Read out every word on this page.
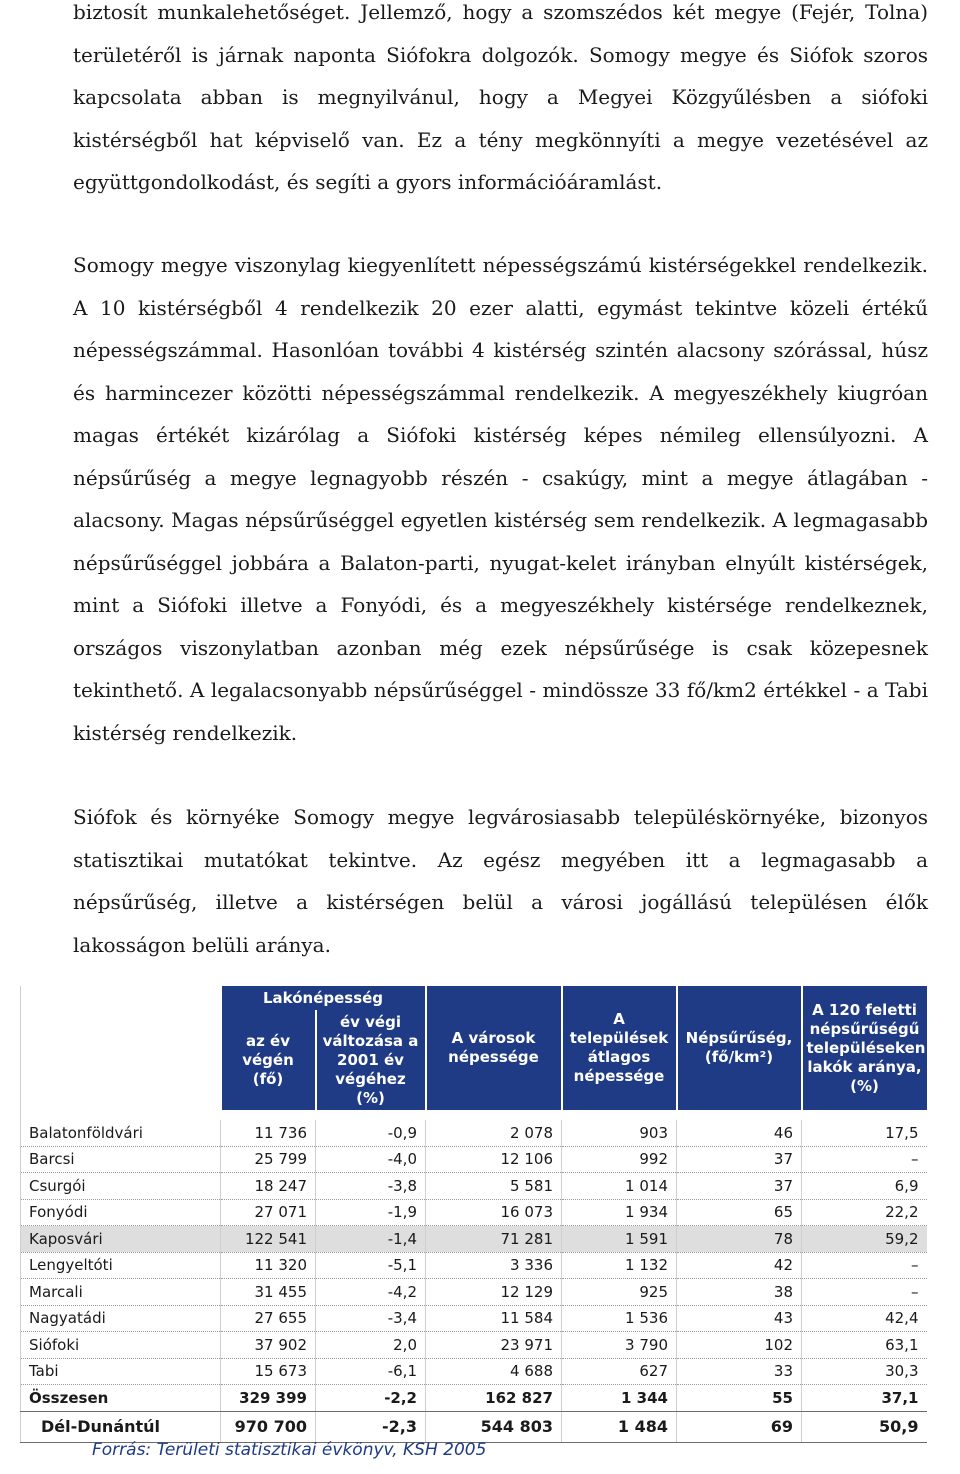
biztosít munkalehetőséget. Jellemző, hogy a szomszédos két megye (Fejér, Tolna) területéről is járnak naponta Siófokra dolgozók. Somogy megye és Siófok szoros kapcsolata abban is megnyilvánul, hogy a Megyei Közgyűlésben a siófoki kistérségből hat képviselő van. Ez a tény megkönnyíti a megye vezetésével az együttgondolkodást, és segíti a gyors információáramlást.

Somogy megye viszonylag kiegyenlített népességszámú kistérségekkel rendelkezik. A 10 kistérségből 4 rendelkezik 20 ezer alatti, egymást tekintve közeli értékű népességszámmal. Hasonlóan további 4 kistérség szintén alacsony szórással, húsz és harmincezer közötti népességszámmal rendelkezik. A megyeszékhely kiugróan magas értékét kizárólag a Siófoki kistérség képes némileg ellensúlyozni. A népsűrűség a megye legnagyobb részén - csakúgy, mint a megye átlagában - alacsony. Magas népsűrűséggel egyetlen kistérség sem rendelkezik. A legmagasabb népsűrűséggel jobbára a Balaton-parti, nyugat-kelet irányban elnyúlt kistérségek, mint a Siófoki illetve a Fonyódi, és a megyeszékhely kistérsége rendelkeznek, országos viszonylatban azonban még ezek népsűrűsége is csak közepesnek tekinthető. A legalacsonyabb népsűrűséggel - mindössze 33 fő/km2 értékkel - a Tabi kistérség rendelkezik.

Siófok és környéke Somogy megye legvárosiasabb településkörnyéke, bizonyos statisztikai mutatókat tekintve. Az egész megyében itt a legmagasabb a népsűrűség, illetve a kistérségen belül a városi jogállású településen élők lakosságon belüli aránya.

	Lakónépesség		A városok népessége	A települések átlagos népessége	Népsűrűség, (fő/km²)	A 120 feletti népsűrűségű településeken lakók aránya, (%)
	az év végén (fő)	év végi változása a 2001 év végéhez (%)				

Balatonföldvári	11 736	-0,9	2 078	903	46	17,5
Barcsi	25 799	-4,0	12 106	992	37	–
Csurgói	18 247	-3,8	5 581	1 014	37	6,9
Fonyódi	27 071	-1,9	16 073	1 934	65	22,2
Kaposvári	122 541	-1,4	71 281	1 591	78	59,2
Lengyeltóti	11 320	-5,1	3 336	1 132	42	–
Marcali	31 455	-4,2	12 129	925	38	–
Nagyatádi	27 655	-3,4	11 584	1 536	43	42,4
Siófoki	37 902	2,0	23 971	3 790	102	63,1
Tabi	15 673	-6,1	4 688	627	33	30,3
Összesen	329 399	-2,2	162 827	1 344	55	37,1
Dél-Dunántúl	970 700	-2,3	544 803	1 484	69	50,9

Forrás: Területi statisztikai évkönyv, KSH 2005
